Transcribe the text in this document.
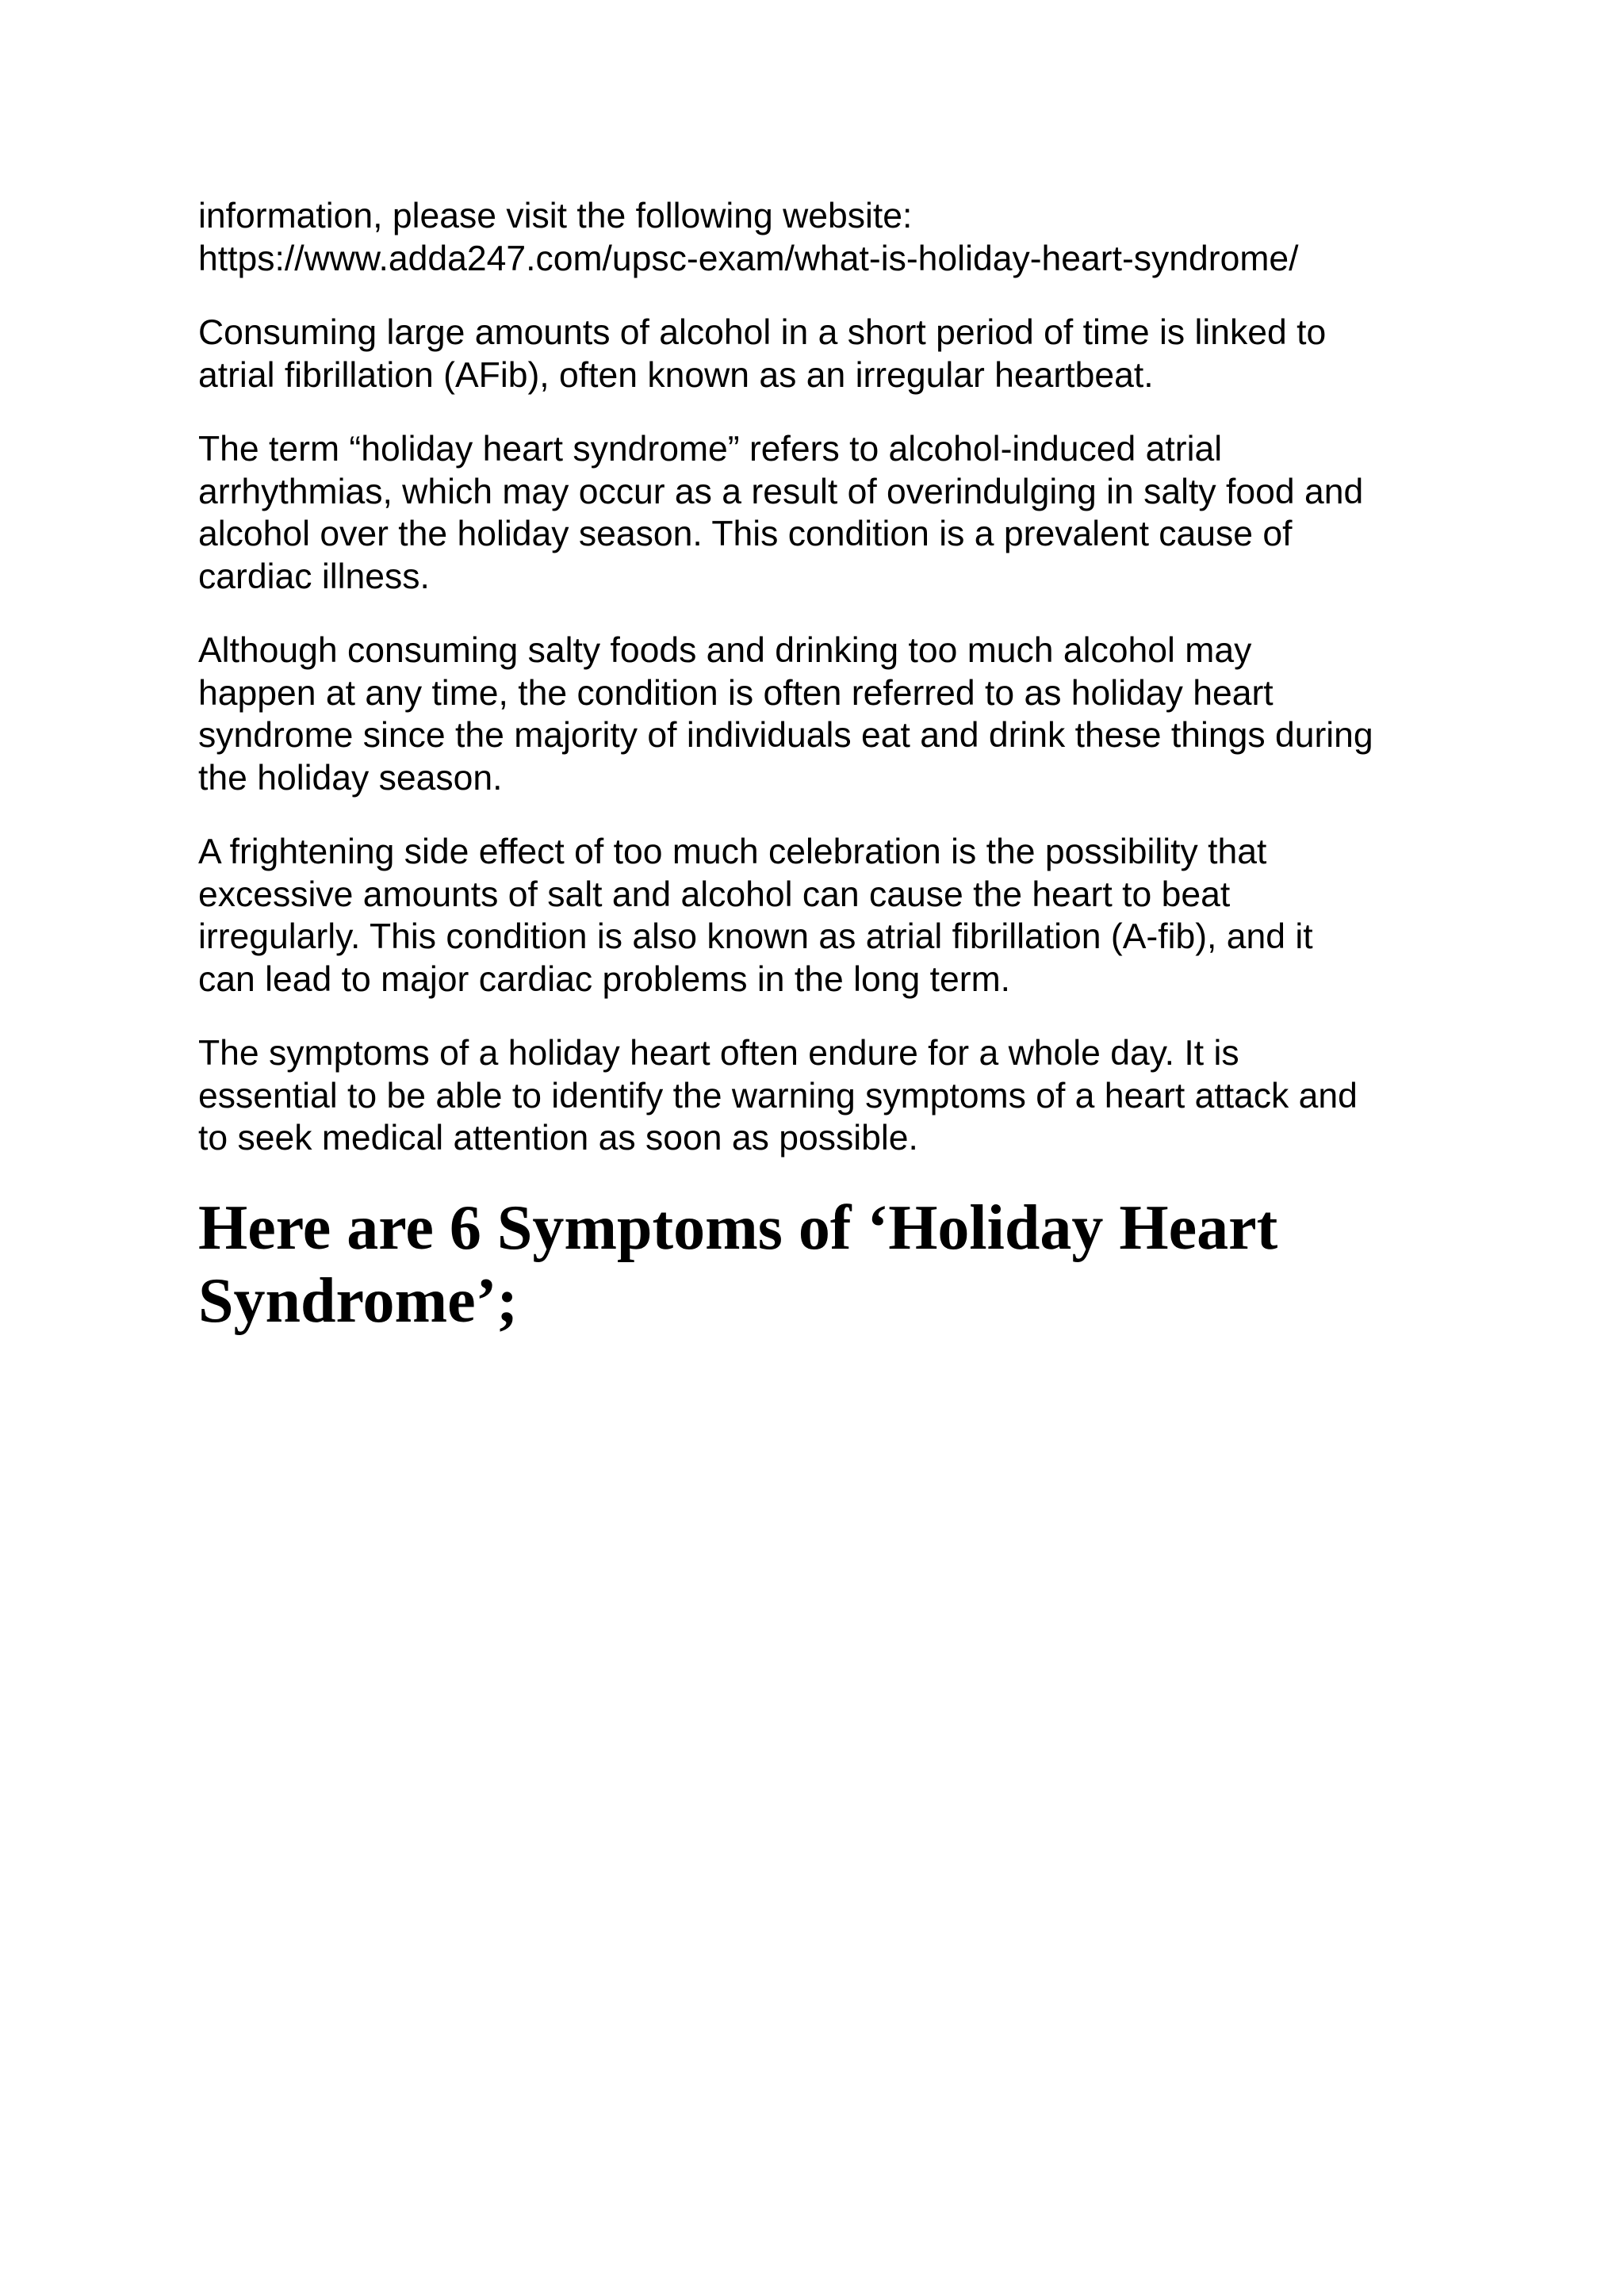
information, please visit the following website:
https://www.adda247.com/upsc-exam/what-is-holiday-heart-syndrome/

Consuming large amounts of alcohol in a short period of time is linked to
atrial fibrillation (AFib), often known as an irregular heartbeat.

The term “holiday heart syndrome” refers to alcohol-induced atrial
arrhythmias, which may occur as a result of overindulging in salty food and
alcohol over the holiday season. This condition is a prevalent cause of
cardiac illness.

Although consuming salty foods and drinking too much alcohol may
happen at any time, the condition is often referred to as holiday heart
syndrome since the majority of individuals eat and drink these things during
the holiday season.

A frightening side effect of too much celebration is the possibility that
excessive amounts of salt and alcohol can cause the heart to beat
irregularly. This condition is also known as atrial fibrillation (A-fib), and it
can lead to major cardiac problems in the long term.

The symptoms of a holiday heart often endure for a whole day. It is
essential to be able to identify the warning symptoms of a heart attack and
to seek medical attention as soon as possible.

Here are 6 Symptoms of ‘Holiday Heart
Syndrome’;
